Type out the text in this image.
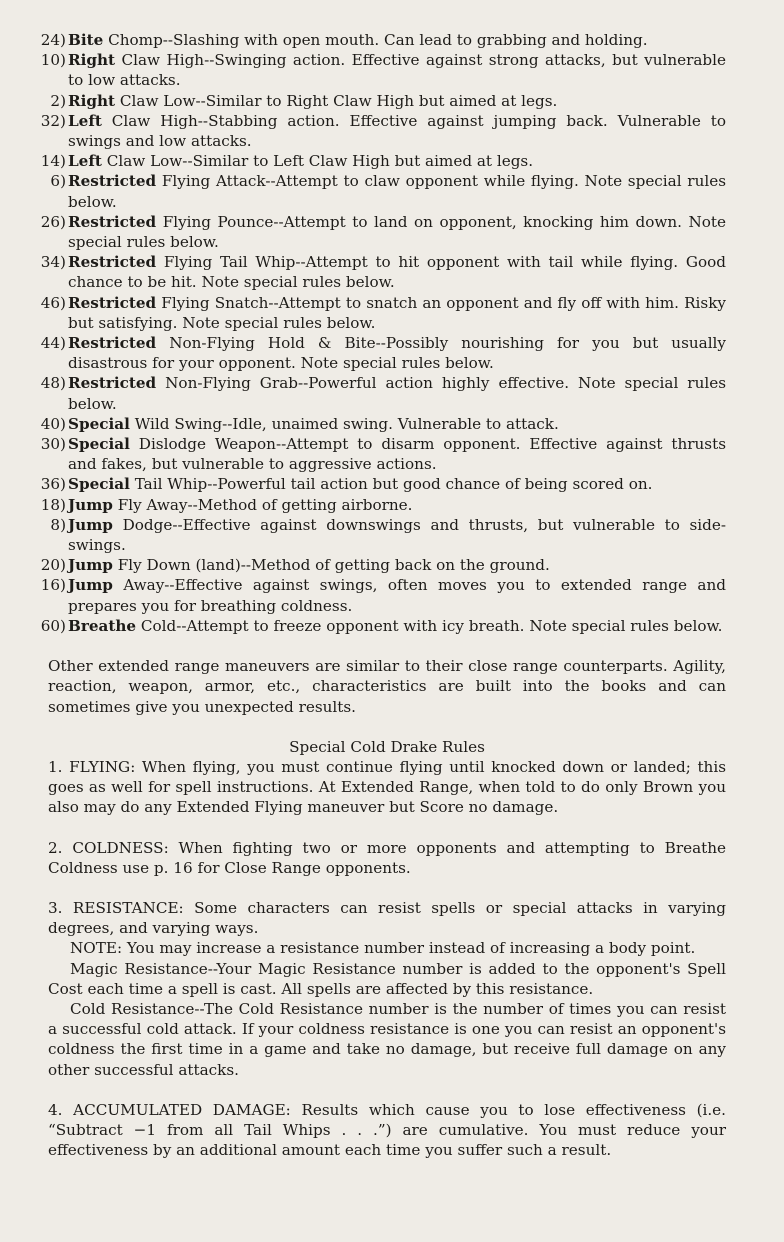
24) Bite Chomp--Slashing with open mouth. Can lead to grabbing and holding.
10) Right Claw High--Swinging action. Effective against strong attacks, but vulnerable to low attacks.
2) Right Claw Low--Similar to Right Claw High but aimed at legs.
32) Left Claw High--Stabbing action. Effective against jumping back. Vulnerable to swings and low attacks.
14) Left Claw Low--Similar to Left Claw High but aimed at legs.
6) Restricted Flying Attack--Attempt to claw opponent while flying. Note special rules below.
26) Restricted Flying Pounce--Attempt to land on opponent, knocking him down. Note special rules below.
34) Restricted Flying Tail Whip--Attempt to hit opponent with tail while flying. Good chance to be hit. Note special rules below.
46) Restricted Flying Snatch--Attempt to snatch an opponent and fly off with him. Risky but satisfying. Note special rules below.
44) Restricted Non-Flying Hold & Bite--Possibly nourishing for you but usually disastrous for your opponent. Note special rules below.
48) Restricted Non-Flying Grab--Powerful action highly effective. Note special rules below.
40) Special Wild Swing--Idle, unaimed swing. Vulnerable to attack.
30) Special Dislodge Weapon--Attempt to disarm opponent. Effective against thrusts and fakes, but vulnerable to aggressive actions.
36) Special Tail Whip--Powerful tail action but good chance of being scored on.
18) Jump Fly Away--Method of getting airborne.
8) Jump Dodge--Effective against downswings and thrusts, but vulnerable to side-swings.
20) Jump Fly Down (land)--Method of getting back on the ground.
16) Jump Away--Effective against swings, often moves you to extended range and prepares you for breathing coldness.
60) Breathe Cold--Attempt to freeze opponent with icy breath. Note special rules below.

Other extended range maneuvers are similar to their close range counterparts. Agility, reaction, weapon, armor, etc., characteristics are built into the books and can sometimes give you unexpected results.

Special Cold Drake Rules

1. FLYING: When flying, you must continue flying until knocked down or landed; this goes as well for spell instructions. At Extended Range, when told to do only Brown you also may do any Extended Flying maneuver but Score no damage.

2. COLDNESS: When fighting two or more opponents and attempting to Breathe Coldness use p. 16 for Close Range opponents.

3. RESISTANCE: Some characters can resist spells or special attacks in varying degrees, and varying ways.

NOTE: You may increase a resistance number instead of increasing a body point.

Magic Resistance--Your Magic Resistance number is added to the opponent's Spell Cost each time a spell is cast. All spells are affected by this resistance.

Cold Resistance--The Cold Resistance number is the number of times you can resist a successful cold attack. If your coldness resistance is one you can resist an opponent's coldness the first time in a game and take no damage, but receive full damage on any other successful attacks.

4. ACCUMULATED DAMAGE: Results which cause you to lose effectiveness (i.e. “Subtract −1 from all Tail Whips . . .”) are cumulative. You must reduce your effectiveness by an additional amount each time you suffer such a result.
